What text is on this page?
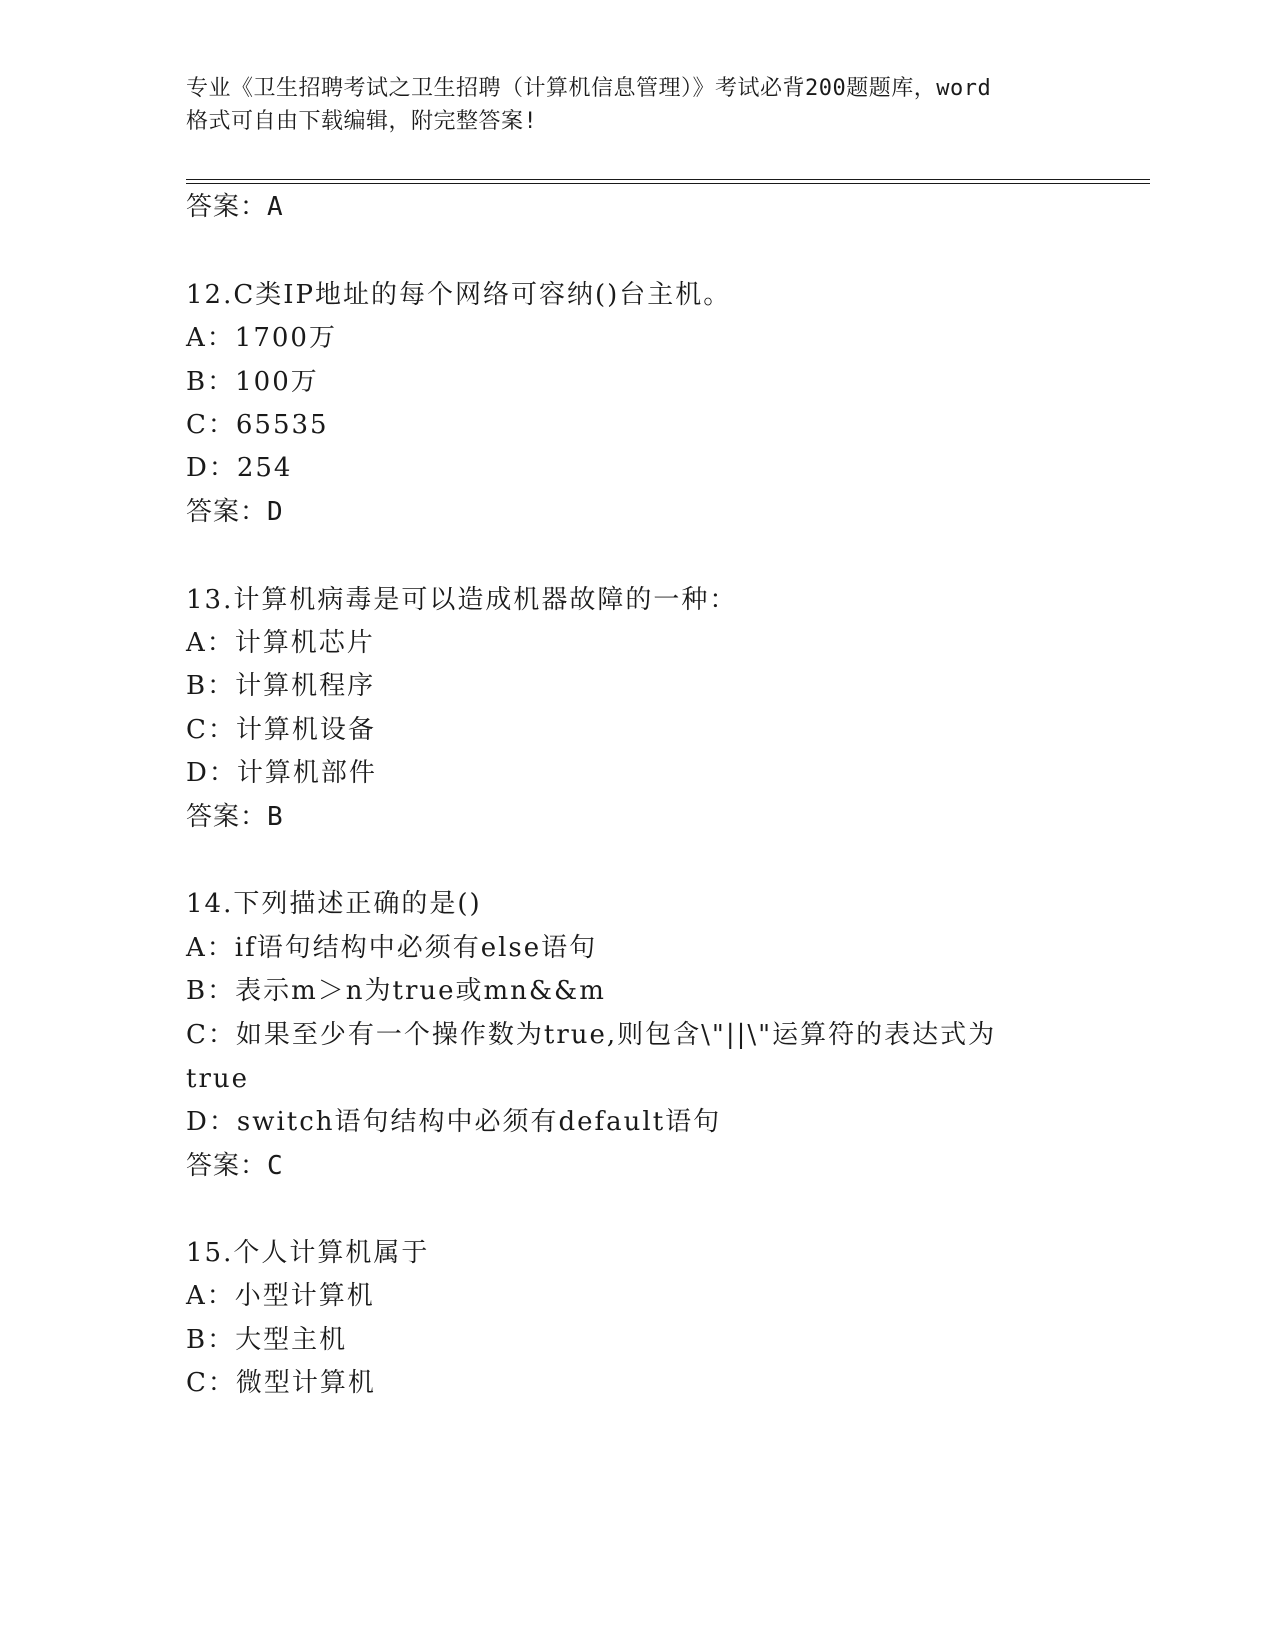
专业《卫生招聘考试之卫生招聘（计算机信息管理）》考试必背200题题库，word
格式可自由下载编辑，附完整答案!
答案：A
12.C类IP地址的每个网络可容纳()台主机。
A：1700万
B：100万
C：65535
D：254
答案：D
13.计算机病毒是可以造成机器故障的一种：
A：计算机芯片
B：计算机程序
C：计算机设备
D：计算机部件
答案：B
14.下列描述正确的是()
A：if语句结构中必须有else语句
B：表示m＞n为true或mn&&m
C：如果至少有一个操作数为true,则包含\"||\"运算符的表达式为
true
D：switch语句结构中必须有default语句
答案：C
15.个人计算机属于
A：小型计算机
B：大型主机
C：微型计算机
